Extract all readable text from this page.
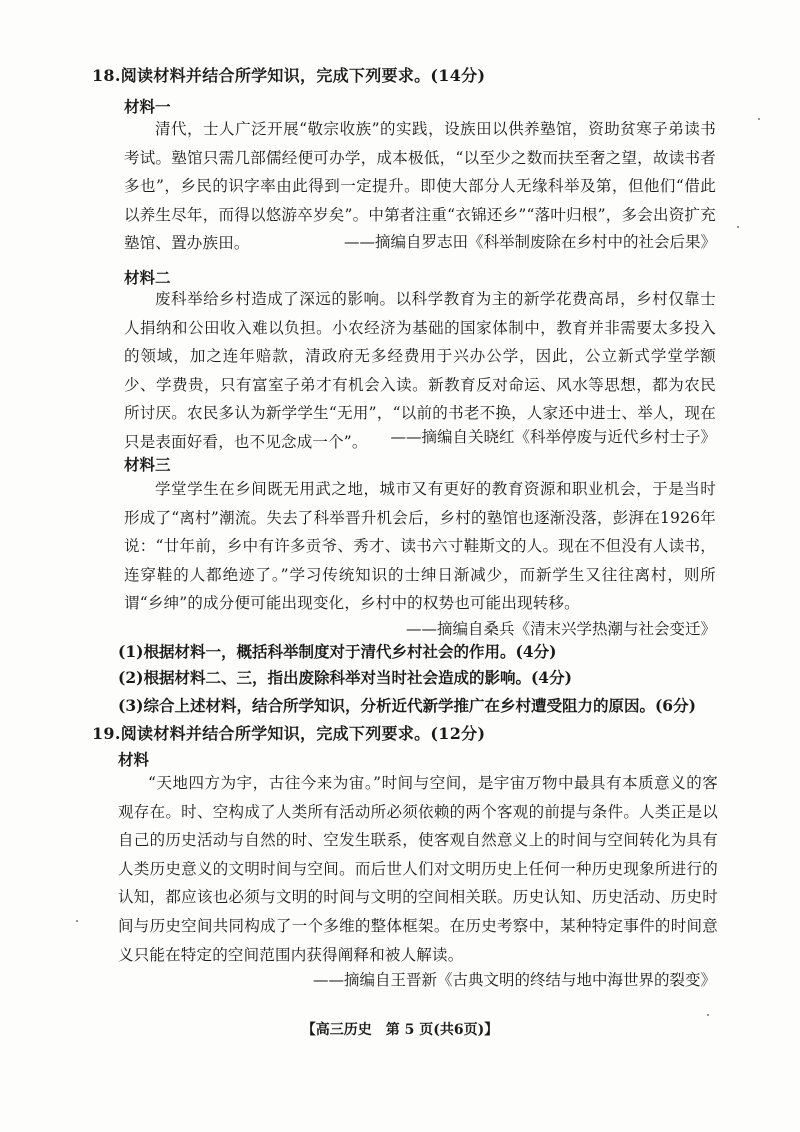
18.阅读材料并结合所学知识，完成下列要求。(14分)
材料一
清代，士人广泛开展“敬宗收族”的实践，设族田以供养塾馆，资助贫寒子弟读书考试。塾馆只需几部儒经便可办学，成本极低，“以至少之数而扶至奢之望，故读书者多也”，乡民的识字率由此得到一定提升。即使大部分人无缘科举及第，但他们“借此以养生尽年，而得以悠游卒岁矣”。中第者注重“衣锦还乡”“落叶归根”，多会出资扩充塾馆、置办族田。	——摘编自罗志田《科举制废除在乡村中的社会后果》
材料二
废科举给乡村造成了深远的影响。以科学教育为主的新学花费高昂，乡村仅靠士人捐纳和公田收入难以负担。小农经济为基础的国家体制中，教育并非需要太多投入的领域，加之连年赔款，清政府无多经费用于兴办公学，因此，公立新式学堂学额少、学费贵，只有富室子弟才有机会入读。新教育反对命运、风水等思想，都为农民所讨厌。农民多认为新学学生“无用”，“以前的书老不换，人家还中进士、举人，现在只是表面好看，也不见念成一个”。	——摘编自关晓红《科举停废与近代乡村士子》
材料三
学堂学生在乡间既无用武之地，城市又有更好的教育资源和职业机会，于是当时形成了“离村”潮流。失去了科举晋升机会后，乡村的塾馆也逐渐没落，彭湃在1926年说：“廿年前，乡中有许多贡爷、秀才、读书六寸鞋斯文的人。现在不但没有人读书，连穿鞋的人都绝迹了。”学习传统知识的士绅日渐减少，而新学生又往往离村，则所谓“乡绅”的成分便可能出现变化，乡村中的权势也可能出现转移。
——摘编自桑兵《清末兴学热潮与社会变迁》
(1)根据材料一，概括科举制度对于清代乡村社会的作用。(4分)
(2)根据材料二、三，指出废除科举对当时社会造成的影响。(4分)
(3)综合上述材料，结合所学知识，分析近代新学推广在乡村遭受阻力的原因。(6分)
19.阅读材料并结合所学知识，完成下列要求。(12分)
材料
“天地四方为宇，古往今来为宙。”时间与空间，是宇宙万物中最具有本质意义的客观存在。时、空构成了人类所有活动所必须依赖的两个客观的前提与条件。人类正是以自己的历史活动与自然的时、空发生联系，使客观自然意义上的时间与空间转化为具有人类历史意义的文明时间与空间。而后世人们对文明历史上任何一种历史现象所进行的认知，都应该也必须与文明的时间与文明的空间相关联。历史认知、历史活动、历史时间与历史空间共同构成了一个多维的整体框架。在历史考察中，某种特定事件的时间意义只能在特定的空间范围内获得阐释和被人解读。
——摘编自王晋新《古典文明的终结与地中海世界的裂变》
【高三历史　第 5 页(共6页)】
